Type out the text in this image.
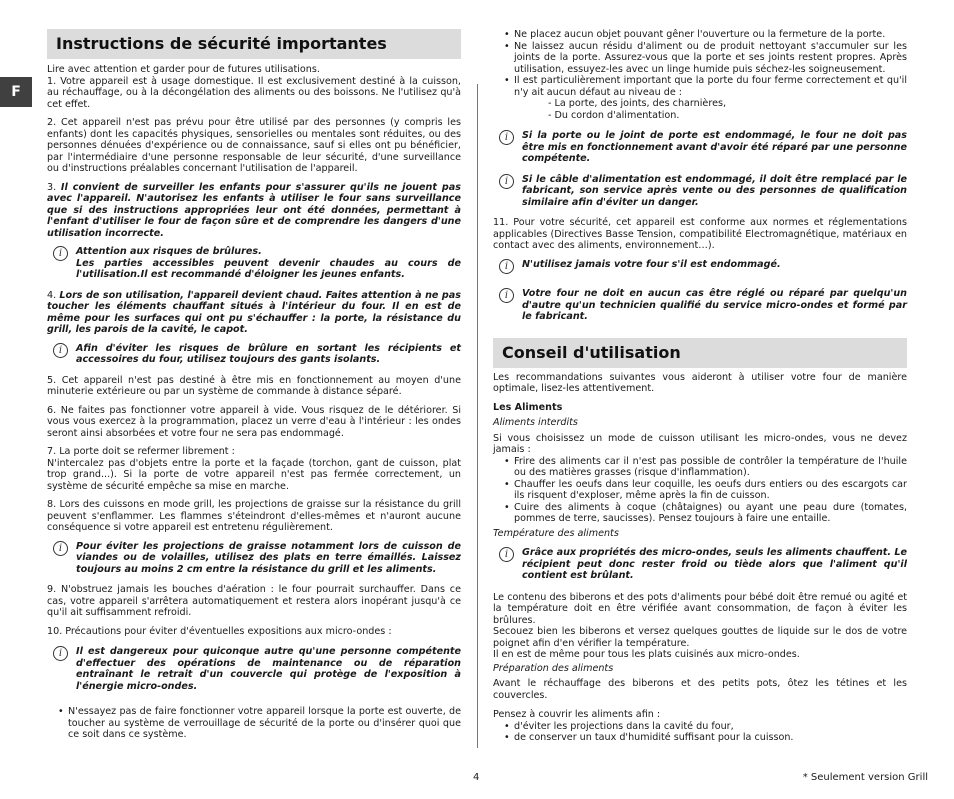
F
Instructions de sécurité importantes

Lire avec attention et garder pour de futures utilisations.

1. Votre appareil est à usage domestique. Il est exclusivement destiné à la cuisson, au réchauffage, ou à la décongélation des aliments ou des boissons. Ne l'utilisez qu'à cet effet.

2. Cet appareil n'est pas prévu pour être utilisé par des personnes (y compris les enfants) dont les capacités physiques, sensorielles ou mentales sont réduites, ou des personnes dénuées d'expérience ou de connaissance, sauf si elles ont pu bénéficier, par l'intermédiaire d'une personne responsable de leur sécurité, d'une surveillance ou d'instructions préalables concernant l'utilisation de l'appareil.

3. Il convient de surveiller les enfants pour s'assurer qu'ils ne jouent pas avec l'appareil. N'autorisez les enfants à utiliser le four sans surveillance que si des instructions appropriées leur ont été données, permettant à l'enfant d'utiliser le four de façon sûre et de comprendre les dangers d'une utilisation incorrecte.

i	Attention aux risques de brûlures.
Les parties accessibles peuvent devenir chaudes au cours de l'utilisation.Il est recommandé d'éloigner les jeunes enfants.

4. Lors de son utilisation, l'appareil devient chaud. Faites attention à ne pas toucher les éléments chauffant situés à l'intérieur du four. Il en est de même pour les surfaces qui ont pu s'échauffer : la porte, la résistance du grill, les parois de la cavité, le capot.

i	Afin d'éviter les risques de brûlure en sortant les récipients et accessoires du four, utilisez toujours des gants isolants.

5. Cet appareil n'est pas destiné à être mis en fonctionnement au moyen d'une minuterie extérieure ou par un système de commande à distance séparé.

6. Ne faites pas fonctionner votre appareil à vide. Vous risquez de le détériorer. Si vous vous exercez à la programmation, placez un verre d'eau à l'intérieur : les ondes seront ainsi absorbées et votre four ne sera pas endommagé.

7. La porte doit se refermer librement :

N'intercalez pas d'objets entre la porte et la façade (torchon, gant de cuisson, plat trop grand...). Si la porte de votre appareil n'est pas fermée correctement, un système de sécurité empêche sa mise en marche.

8. Lors des cuissons en mode grill, les projections de graisse sur la résistance du grill peuvent s'enflammer. Les flammes s'éteindront d'elles-mêmes et n'auront aucune conséquence si votre appareil est entretenu régulièrement.

i	Pour éviter les projections de graisse notamment lors de cuisson de viandes ou de volailles, utilisez des plats en terre émaillés. Laissez toujours au moins 2 cm entre la résistance du grill et les aliments.

9. N'obstruez jamais les bouches d'aération : le four pourrait surchauffer. Dans ce cas, votre appareil s'arrêtera automatiquement et restera alors inopérant jusqu'à ce qu'il ait suffisamment refroidi.

10. Précautions pour éviter d'éventuelles expositions aux micro-ondes :

i	Il est dangereux pour quiconque autre qu'une personne compétente d'effectuer des opérations de maintenance ou de réparation entraînant le retrait d'un couvercle qui protège de l'exposition à l'énergie micro-ondes.
• N'essayez pas de faire fonctionner votre appareil lorsque la porte est ouverte, de toucher au système de verrouillage de sécurité de la porte ou d'insérer quoi que ce soit dans ce système.
• Ne placez aucun objet pouvant gêner l'ouverture ou la fermeture de la porte.
• Ne laissez aucun résidu d'aliment ou de produit nettoyant s'accumuler sur les joints de la porte. Assurez-vous que la porte et ses joints restent propres. Après utilisation, essuyez-les avec un linge humide puis séchez-les soigneusement.
• Il est particulièrement important que la porte du four ferme correctement et qu'il n'y ait aucun défaut au niveau de :
- La porte, des joints, des charnières,
- Du cordon d'alimentation.
i	Si la porte ou le joint de porte est endommagé, le four ne doit pas être mis en fonctionnement avant d'avoir été réparé par une personne compétente.
i	Si le câble d'alimentation est endommagé, il doit être remplacé par le fabricant, son service après vente ou des personnes de qualification similaire afin d'éviter un danger.

11. Pour votre sécurité, cet appareil est conforme aux normes et réglementations applicables (Directives Basse Tension, compatibilité Electromagnétique, matériaux en contact avec des aliments, environnement…).

i	N'utilisez jamais votre four s'il est endommagé.
i	Votre four ne doit en aucun cas être réglé ou réparé par quelqu'un d'autre qu'un technicien qualifié du service micro-ondes et formé par le fabricant.
Conseil d'utilisation

Les recommandations suivantes vous aideront à utiliser votre four de manière optimale, lisez-les attentivement.

Les Aliments

Aliments interdits

Si vous choisissez un mode de cuisson utilisant les micro-ondes, vous ne devez jamais :

• Frire des aliments car il n'est pas possible de contrôler la température de l'huile ou des matières grasses (risque d'inflammation).
• Chauffer les oeufs dans leur coquille, les oeufs durs entiers ou des escargots car ils risquent d'exploser, même après la fin de cuisson.
• Cuire des aliments à coque (châtaignes) ou ayant une peau dure (tomates, pommes de terre, saucisses). Pensez toujours à faire une entaille.

Température des aliments

i	Grâce aux propriétés des micro-ondes, seuls les aliments chauffent. Le récipient peut donc rester froid ou tiède alors que l'aliment qu'il contient est brûlant.

Le contenu des biberons et des pots d'aliments pour bébé doit être remué ou agité et la température doit en être vérifiée avant consommation, de façon à éviter les brûlures.

Secouez bien les biberons et versez quelques gouttes de liquide sur le dos de votre poignet afin d'en vérifier la température.

Il en est de même pour tous les plats cuisinés aux micro-ondes.

Préparation des aliments

Avant le réchauffage des biberons et des petits pots, ôtez les tétines et les couvercles.

Pensez à couvrir les aliments afin :

• d'éviter les projections dans la cavité du four,
• de conserver un taux d'humidité suffisant pour la cuisson.
4	* Seulement version Grill
